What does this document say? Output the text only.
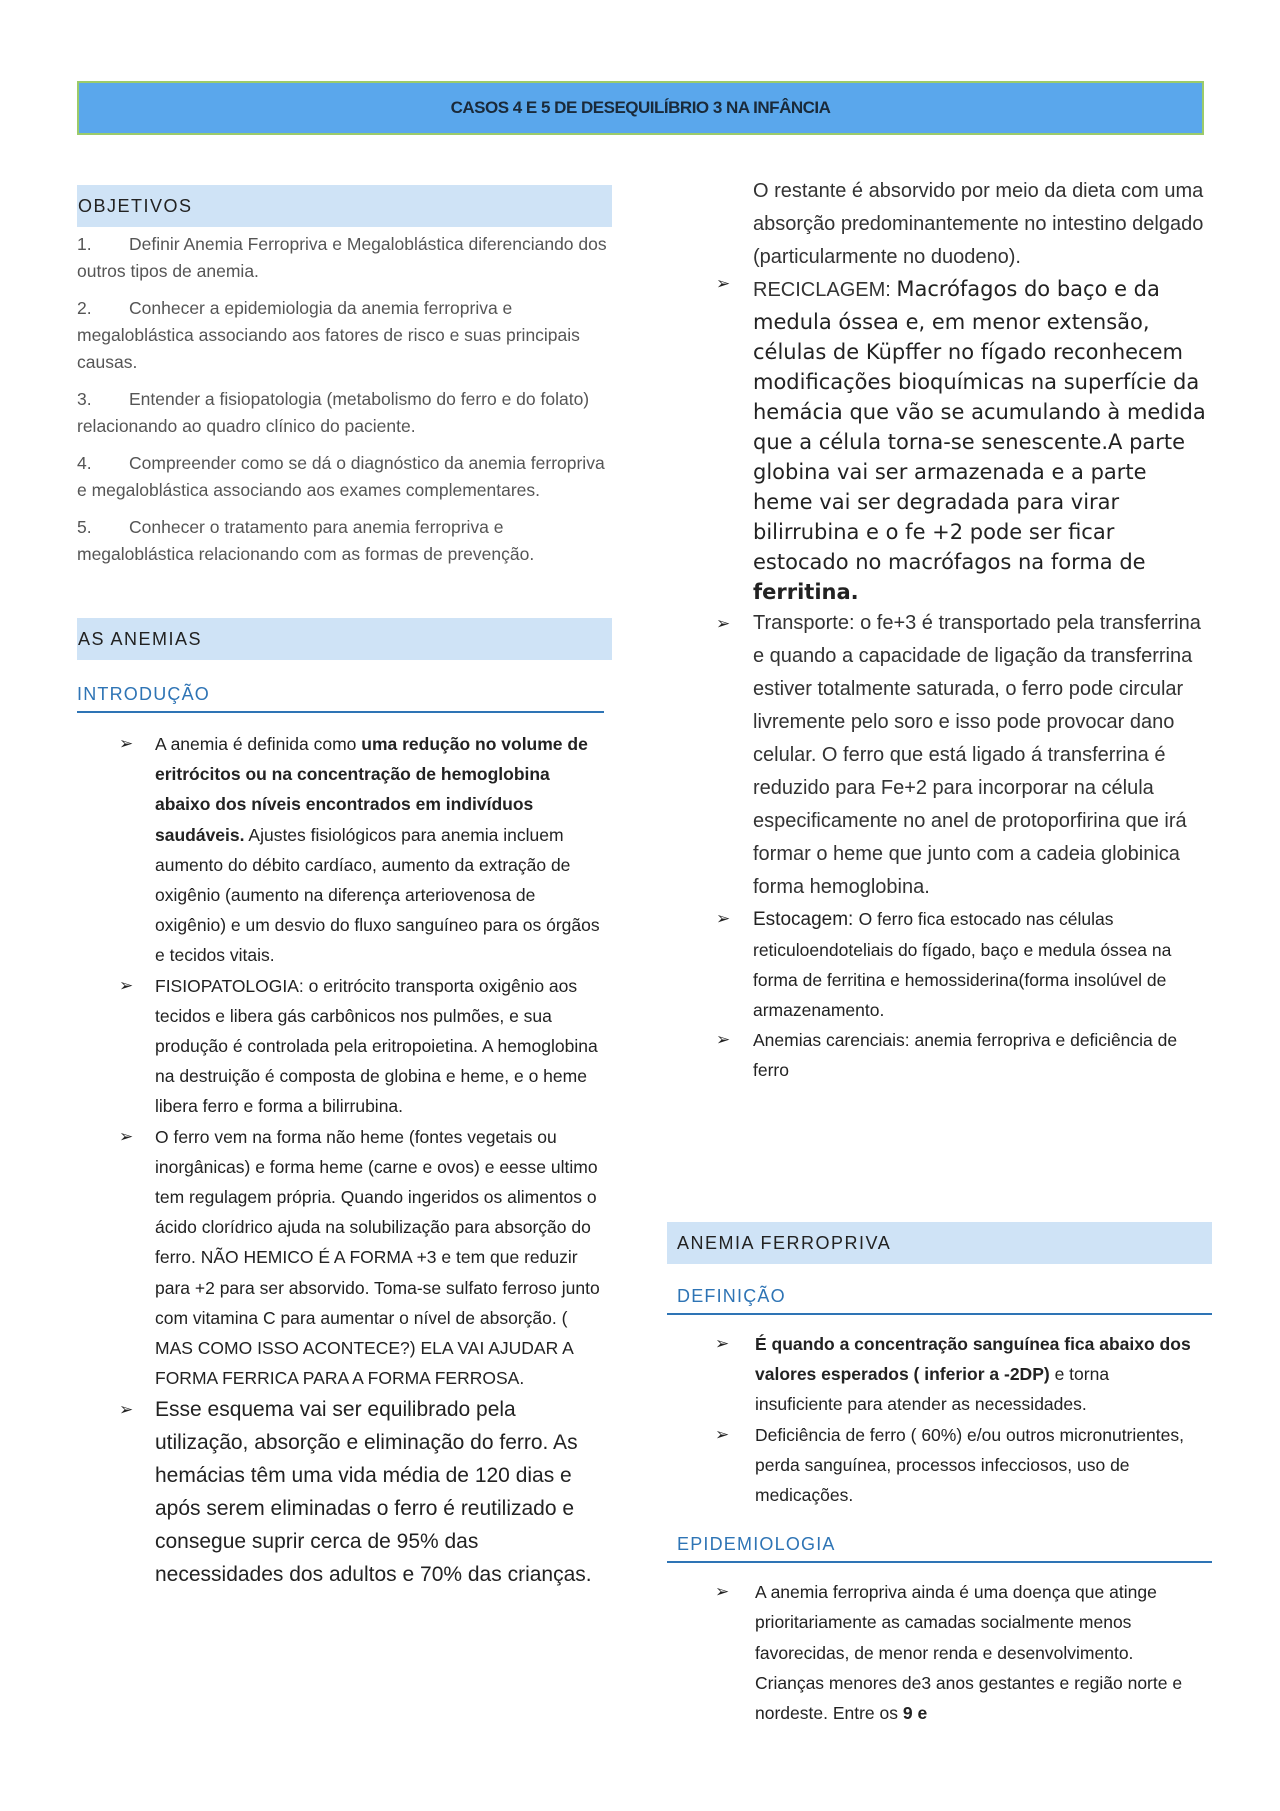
CASOS 4 E 5 DE DESEQUILÍBRIO 3 NA INFÂNCIA
OBJETIVOS
1. Definir Anemia Ferropriva e Megaloblástica diferenciando dos outros tipos de anemia.
2. Conhecer a epidemiologia da anemia ferropriva e megaloblástica associando aos fatores de risco e suas principais causas.
3. Entender a fisiopatologia (metabolismo do ferro e do folato) relacionando ao quadro clínico do paciente.
4. Compreender como se dá o diagnóstico da anemia ferropriva e megaloblástica associando aos exames complementares.
5. Conhecer o tratamento para anemia ferropriva e megaloblástica relacionando com as formas de prevenção.
AS ANEMIAS
INTRODUÇÃO
➢ A anemia é definida como uma redução no volume de eritrócitos ou na concentração de hemoglobina abaixo dos níveis encontrados em indivíduos saudáveis. Ajustes fisiológicos para anemia incluem aumento do débito cardíaco, aumento da extração de oxigênio (aumento na diferença arteriovenosa de oxigênio) e um desvio do fluxo sanguíneo para os órgãos e tecidos vitais.
➢ FISIOPATOLOGIA: o eritrócito transporta oxigênio aos tecidos e libera gás carbônicos nos pulmões, e sua produção é controlada pela eritropoietina. A hemoglobina na destruição é composta de globina e heme, e o heme libera ferro e forma a bilirrubina.
➢ O ferro vem na forma não heme (fontes vegetais ou inorgânicas) e forma heme (carne e ovos) e eesse ultimo tem regulagem própria. Quando ingeridos os alimentos o ácido clorídrico ajuda na solubilização para absorção do ferro. NÃO HEMICO É A FORMA +3 e tem que reduzir para +2 para ser absorvido. Toma-se sulfato ferroso junto com vitamina C para aumentar o nível de absorção. ( MAS COMO ISSO ACONTECE?) ELA VAI AJUDAR A FORMA FERRICA PARA A FORMA FERROSA.
➢ Esse esquema vai ser equilibrado pela utilização, absorção e eliminação do ferro. As hemácias têm uma vida média de 120 dias e após serem eliminadas o ferro é reutilizado e consegue suprir cerca de 95% das necessidades dos adultos e 70% das crianças.
O restante é absorvido por meio da dieta com uma absorção predominantemente no intestino delgado (particularmente no duodeno).
➢ RECICLAGEM: Macrófagos do baço e da medula óssea e, em menor extensão, células de Küpffer no fígado reconhecem modificações bioquímicas na superfície da hemácia que vão se acumulando à medida que a célula torna-se senescente.A parte globina vai ser armazenada e a parte heme vai ser degradada para virar bilirrubina e o fe +2 pode ser ficar estocado no macrófagos na forma de ferritina.
➢ Transporte: o fe+3 é transportado pela transferrina e quando a capacidade de ligação da transferrina estiver totalmente saturada, o ferro pode circular livremente pelo soro e isso pode provocar dano celular. O ferro que está ligado á transferrina é reduzido para Fe+2 para incorporar na célula especificamente no anel de protoporfirina que irá formar o heme que junto com a cadeia globinica forma hemoglobina.
➢ Estocagem: O ferro fica estocado nas células reticuloendoteliais do fígado, baço e medula óssea na forma de ferritina e hemossiderina(forma insolúvel de armazenamento.
➢ Anemias carenciais: anemia ferropriva e deficiência de ferro
ANEMIA FERROPRIVA
DEFINIÇÃO
➢ É quando a concentração sanguínea fica abaixo dos valores esperados ( inferior a -2DP) e torna insuficiente para atender as necessidades.
➢ Deficiência de ferro ( 60%) e/ou outros micronutrientes, perda sanguínea, processos infecciosos, uso de medicações.
EPIDEMIOLOGIA
➢ A anemia ferropriva ainda é uma doença que atinge prioritariamente as camadas socialmente menos favorecidas, de menor renda e desenvolvimento. Crianças menores de3 anos gestantes e região norte e nordeste. Entre os 9 e
